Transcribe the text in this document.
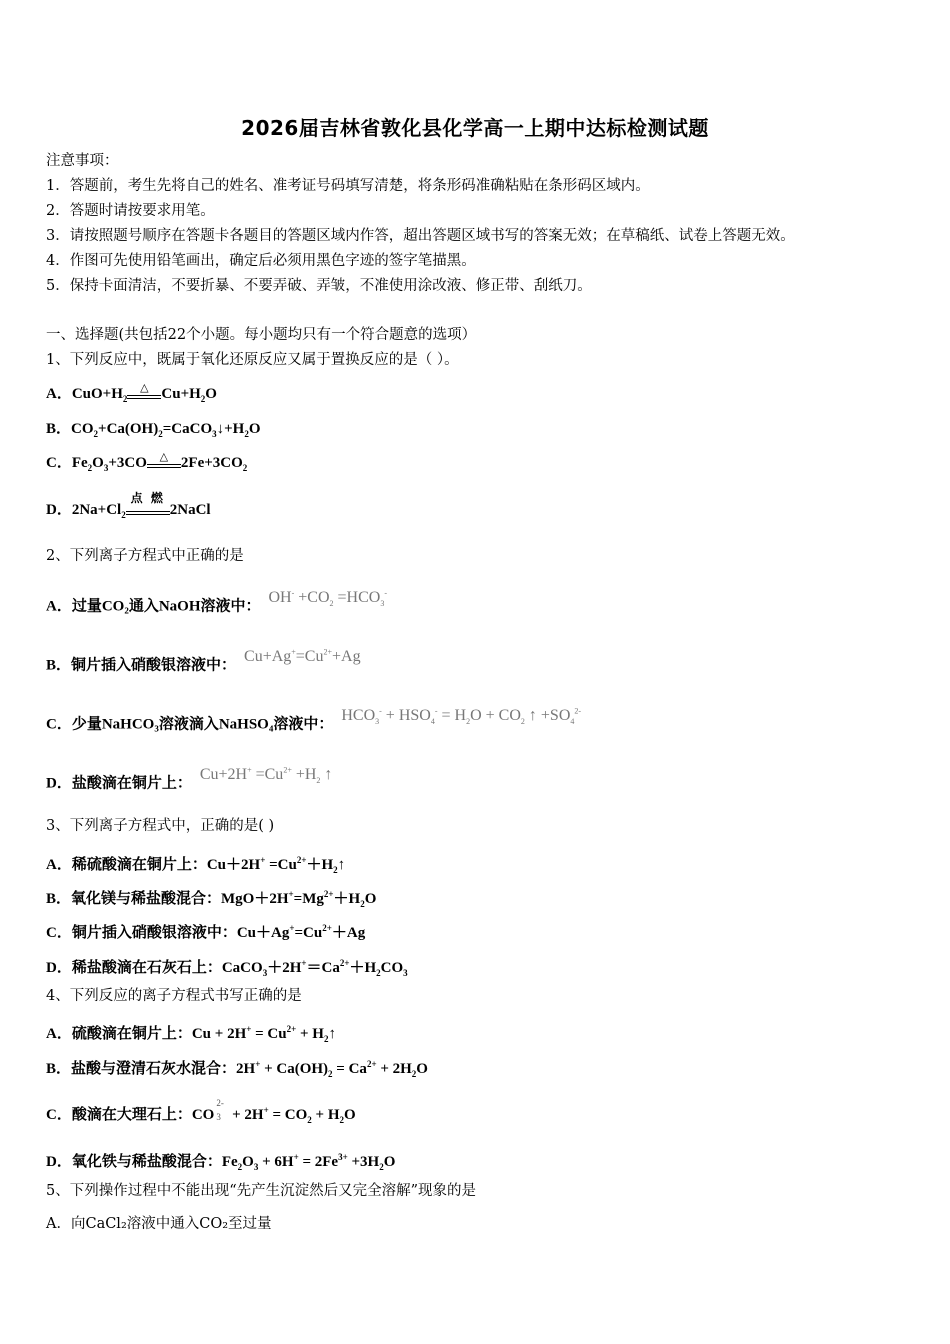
2026届吉林省敦化县化学高一上期中达标检测试题
注意事项：
1．答题前，考生先将自己的姓名、准考证号码填写清楚，将条形码准确粘贴在条形码区域内。
2．答题时请按要求用笔。
3．请按照题号顺序在答题卡各题目的答题区域内作答，超出答题区域书写的答案无效；在草稿纸、试卷上答题无效。
4．作图可先使用铅笔画出，确定后必须用黑色字迹的签字笔描黑。
5．保持卡面清洁，不要折暴、不要弄破、弄皱，不准使用涂改液、修正带、刮纸刀。
一、选择题(共包括22个小题。每小题均只有一个符合题意的选项）
1、下列反应中，既属于氧化还原反应又属于置换反应的是（ ）。
A．$CuO+H_2$
△ $Cu+H_2O$
B．$CO_2+Ca(OH)_2=CaCO_3↓+H_2O$
C．$Fe_2O_3+3CO$	△ $2Fe+3CO_2$
D．$2Na+Cl_2$
点 燃
2NaCl
2、下列离子方程式中正确的是
A．过量CO₂通入NaOH溶液中： $OH^- +CO_2 =HCO_3^-$
B．铜片插入硝酸银溶液中： $Cu+Ag^+=Cu^{2+}+Ag$
C．少量NaHCO₃溶液滴入NaHSO₄溶液中： $HCO_3^- + HSO_4^- = H_2O + CO_2$ ↑ $+SO_4^{2-}$
D．盐酸滴在铜片上： $Cu+2H^+ =Cu^{2+} +H_2$ ↑
3、下列离子方程式中，正确的是( )
A．稀硫酸滴在铜片上：$Cu+2H^+ =Cu^{2+}+H_2↑$
B．氧化镁与稀盐酸混合：$MgO+2H^+=Mg^{2+}+H_2O$
C．铜片插入硝酸银溶液中：$Cu+Ag^+=Cu^{2+}+Ag$
D．稀盐酸滴在石灰石上：$CaCO_3+2H^+=Ca^{2+}+H_2CO_3$
4、下列反应的离子方程式书写正确的是
A．硫酸滴在铜片上：$Cu + 2H^+ = Cu^{2+}$ + $H_2↑$
B．盐酸与澄清石灰水混合：$2H^+ + Ca(OH)_2 = Ca^{2+} + 2H_2O$
C．酸滴在大理石上：CO
2-
$3 + 2H^+ = CO_2 + H_2O$
D．氧化铁与稀盐酸混合：$Fe_2O_3 + 6H^+ = 2Fe^{3+} +3H_2O$
5、下列操作过程中不能出现“先产生沉淀然后又完全溶解”现象的是
A．向CaCl₂溶液中通入CO₂至过量
